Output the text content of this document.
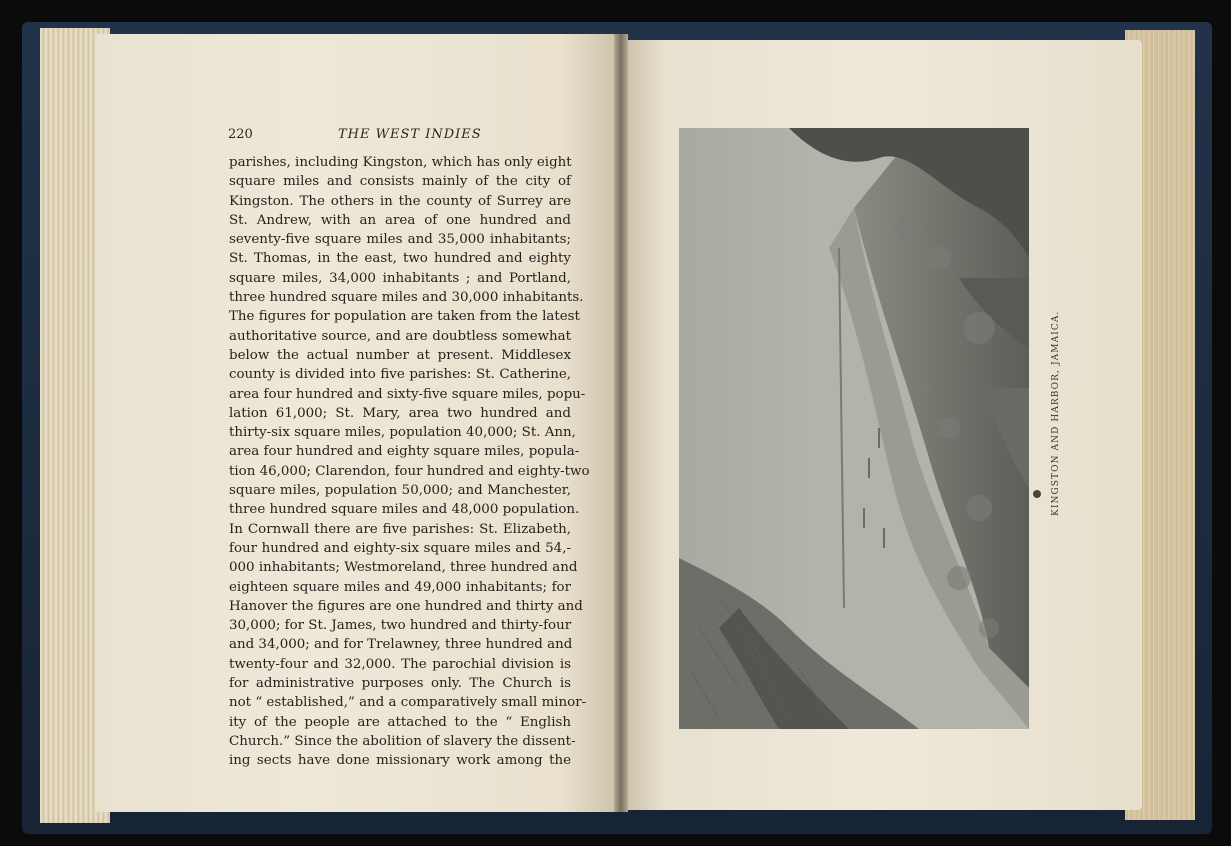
220	THE WEST INDIES
parishes, including Kingston, which has only eight
square miles and consists mainly of the city of
Kingston. The others in the county of Surrey are
St. Andrew, with an area of one hundred and
seventy-five square miles and 35,000 inhabitants;
St. Thomas, in the east, two hundred and eighty
square miles, 34,000 inhabitants ; and Portland,
three hundred square miles and 30,000 inhabitants.
The figures for population are taken from the latest
authoritative source, and are doubtless somewhat
below the actual number at present. Middlesex
county is divided into five parishes: St. Catherine,
area four hundred and sixty-five square miles, popu-
lation 61,000; St. Mary, area two hundred and
thirty-six square miles, population 40,000; St. Ann,
area four hundred and eighty square miles, popula-
tion 46,000; Clarendon, four hundred and eighty-two
square miles, population 50,000; and Manchester,
three hundred square miles and 48,000 population.
In Cornwall there are five parishes: St. Elizabeth,
four hundred and eighty-six square miles and 54,-
000 inhabitants; Westmoreland, three hundred and
eighteen square miles and 49,000 inhabitants; for
Hanover the figures are one hundred and thirty and
30,000; for St. James, two hundred and thirty-four
and 34,000; and for Trelawney, three hundred and
twenty-four and 32,000. The parochial division is
for administrative purposes only. The Church is
not “ established,” and a comparatively small minor-
ity of the people are attached to the “ English
Church.” Since the abolition of slavery the dissent-
ing sects have done missionary work among the
KINGSTON AND HARBOR, JAMAICA.
